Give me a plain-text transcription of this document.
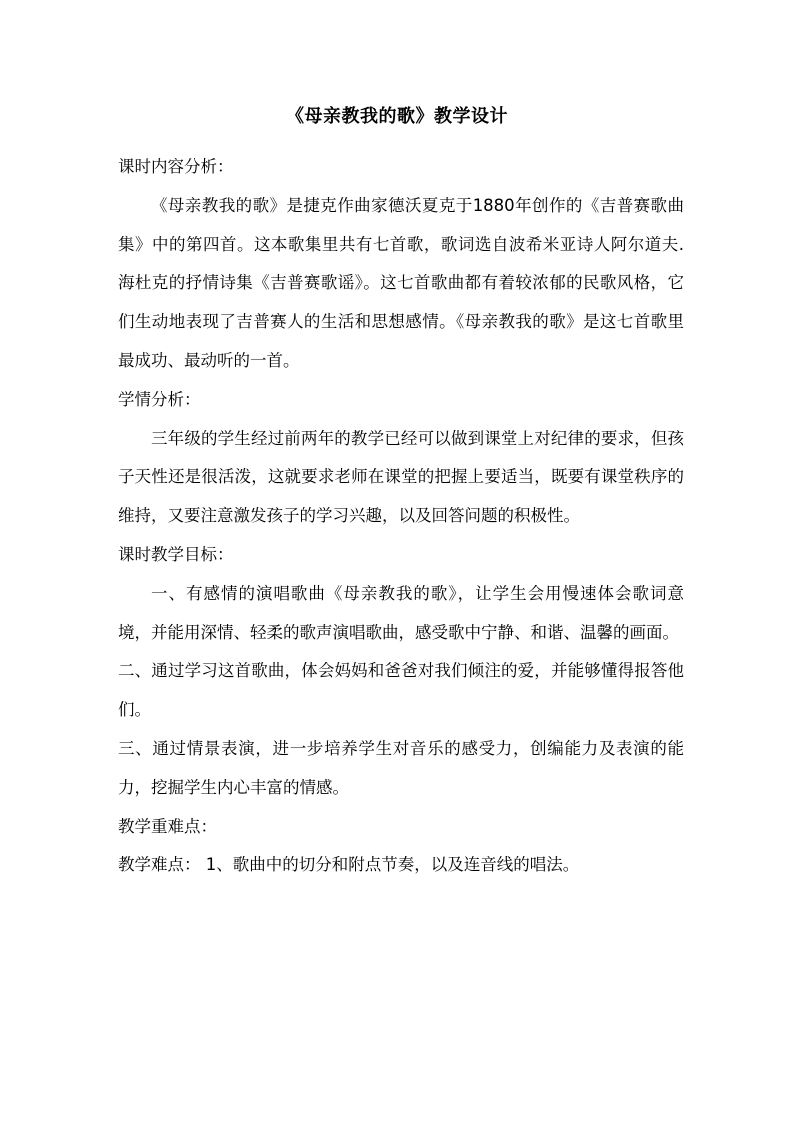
《母亲教我的歌》教学设计

课时内容分析：

《母亲教我的歌》是捷克作曲家德沃夏克于1880年创作的《吉普赛歌曲集》中的第四首。这本歌集里共有七首歌，歌词选自波希米亚诗人阿尔道夫.海杜克的抒情诗集《吉普赛歌谣》。这七首歌曲都有着较浓郁的民歌风格，它们生动地表现了吉普赛人的生活和思想感情。《母亲教我的歌》是这七首歌里最成功、最动听的一首。

学情分析：

三年级的学生经过前两年的教学已经可以做到课堂上对纪律的要求，但孩子天性还是很活泼，这就要求老师在课堂的把握上要适当，既要有课堂秩序的维持，又要注意激发孩子的学习兴趣，以及回答问题的积极性。

课时教学目标：

一、有感情的演唱歌曲《母亲教我的歌》，让学生会用慢速体会歌词意境，并能用深情、轻柔的歌声演唱歌曲，感受歌中宁静、和谐、温馨的画面。

二、通过学习这首歌曲，体会妈妈和爸爸对我们倾注的爱，并能够懂得报答他们。

三、通过情景表演，进一步培养学生对音乐的感受力，创编能力及表演的能力，挖掘学生内心丰富的情感。

教学重难点：

教学难点： 1、歌曲中的切分和附点节奏，以及连音线的唱法。
